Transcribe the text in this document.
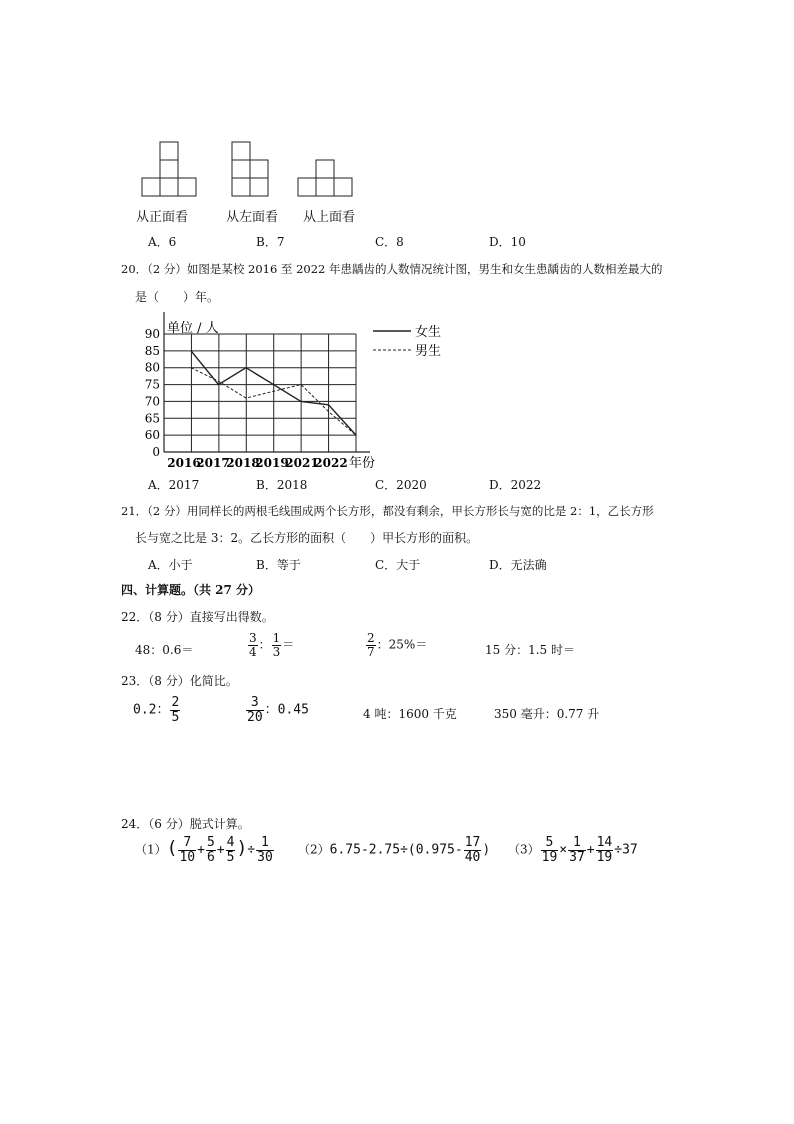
从正面看	从左面看 从上面看
A．6	B．7	C．8	D．10
20．（2 分）如图是某校 2016 至 2022 年患龋齿的人数情况统计图，男生和女生患龋齿的人数相差最大的
是（　　）年。
90
85
80
75
70
65
60
0
单位 / 人
2016
2017
2018
2019
2021
2022 年份
女生
男生
A．2017	B．2018	C．2020	D．2022
21．（2 分）用同样长的两根毛线围成两个长方形，都没有剩余，甲长方形长与宽的比是 2：1，乙长方形
长与宽之比是 3：2。乙长方形的面积（　　）甲长方形的面积。
A．小于	B．等于	C．大于	D．无法确
四、计算题。（共 27 分）
22．（8 分）直接写出得数。
48：0.6＝	$\frac{3}{4}$ ： $\frac{1}{3}$ ＝	$\frac{2}{7}$ ：25%＝	15 分：1.5 时＝
23．（8 分）化简比。
0.2： $\frac{2}{5}$	$\frac{3}{20}$ ：0.45	4 吨：1600 千克	350 毫升：0.77 升
24．（6 分）脱式计算。
$(1)( \frac{7}{10} + \frac{5}{6} + \frac{4}{5}$ )÷ $\frac{1}{30} (2)6.75-2.75\div(0.975- \frac{17}{40}$ ) $(3) \frac{5}{19} \times \frac{1}{37} + \frac{14}{19} \div 37$
